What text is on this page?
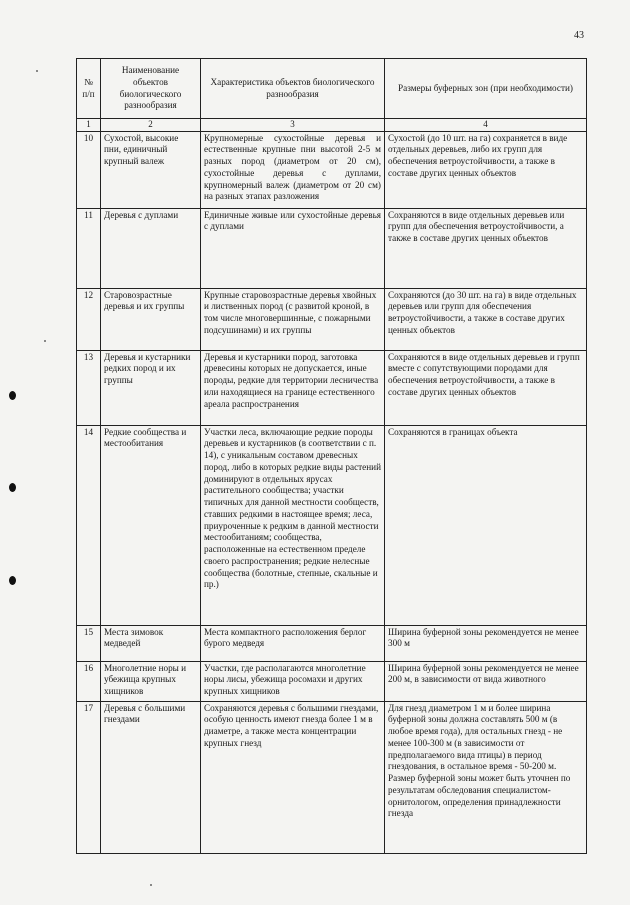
43
№ п/п	Наименование объектов биологического разнообразия	Характеристика объектов биологического разнообразия	Размеры буферных зон (при необходимости)
1	2	3	4
10	Сухостой, высокие пни, единичный крупный валеж	Крупномерные сухостойные деревья и естественные крупные пни высотой 2-5 м разных пород (диаметром от 20 см), сухостойные деревья с дуплами, крупномерный валеж (диаметром от 20 см) на разных этапах разложения	Сухостой (до 10 шт. на га) сохраняется в виде отдельных деревьев, либо их групп для обеспечения ветроустойчивости, а также в составе других ценных объектов
11	Деревья с дуплами	Единичные живые или сухостойные деревья с дуплами	Сохраняются в виде отдельных деревьев или групп для обеспечения ветроустойчивости, а также в составе других ценных объектов
12	Старовозрастные деревья и их группы	Крупные старовозрастные деревья хвойных и лиственных пород (с развитой кроной, в том числе многовершинные, с пожарными подсушинами) и их группы	Сохраняются (до 30 шт. на га) в виде отдельных деревьев или групп для обеспечения ветроустойчивости, а также в составе других ценных объектов
13	Деревья и кустарники редких пород и их группы	Деревья и кустарники пород, заготовка древесины которых не допускается, иные породы, редкие для территории лесничества или находящиеся на границе естественного ареала распространения	Сохраняются в виде отдельных деревьев и групп вместе с сопутствующими породами для обеспечения ветроустойчивости, а также в составе других ценных объектов
14	Редкие сообщества и местообитания	Участки леса, включающие редкие породы деревьев и кустарников (в соответствии с п. 14), с уникальным составом древесных пород, либо в которых редкие виды растений доминируют в отдельных ярусах растительного сообщества; участки типичных для данной местности сообществ, ставших редкими в настоящее время; леса, приуроченные к редким в данной местности местообитаниям; сообщества, расположенные на естественном пределе своего распространения; редкие нелесные сообщества (болотные, степные, скальные и пр.)	Сохраняются в границах объекта
15	Места зимовок медведей	Места компактного расположения берлог бурого медведя	Ширина буферной зоны рекомендуется не менее 300 м
16	Многолетние норы и убежища крупных хищников	Участки, где располагаются многолетние норы лисы, убежища росомахи и других крупных хищников	Ширина буферной зоны рекомендуется не менее 200 м, в зависимости от вида животного
17	Деревья с большими гнездами	Сохраняются деревья с большими гнездами, особую ценность имеют гнезда более 1 м в диаметре, а также места концентрации крупных гнезд	Для гнезд диаметром 1 м и более ширина буферной зоны должна составлять 500 м (в любое время года), для остальных гнезд - не менее 100-300 м (в зависимости от предполагаемого вида птицы) в период гнездования, в остальное время - 50-200 м. Размер буферной зоны может быть уточнен по результатам обследования специалистом- орнитологом, определения принадлежности гнезда
